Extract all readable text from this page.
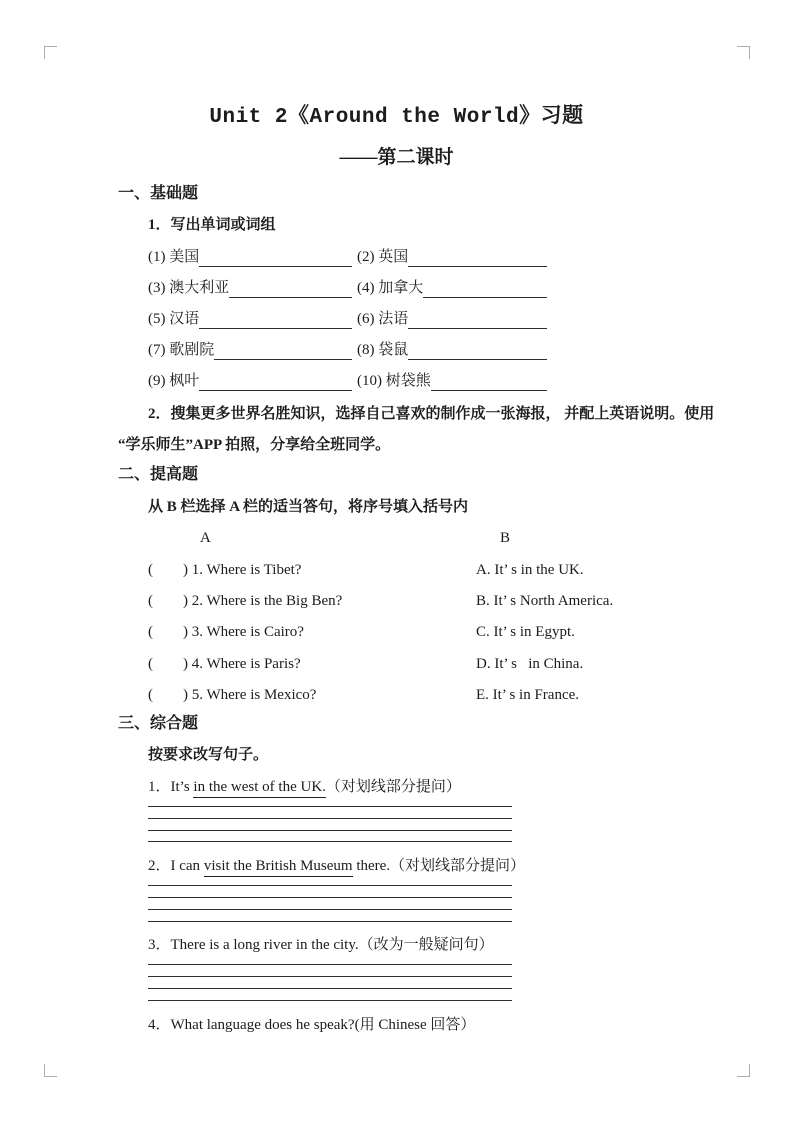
Unit 2《Around the World》习题
——第二课时
一、基础题
1．写出单词或词组
(1) 美国	(2) 英国
(3) 澳大利亚	(4) 加拿大
(5) 汉语	(6) 法语
(7) 歌剧院	(8) 袋鼠
(9) 枫叶	(10) 树袋熊
2．搜集更多世界名胜知识，选择自己喜欢的制作成一张海报， 并配上英语说明。使用
“学乐师生”APP 拍照，分享给全班同学。
二、提高题
从 B 栏选择 A 栏的适当答句，将序号填入括号内
A	B
(        ) 1. Where is Tibet?	A. It’ s in the UK.
(        ) 2. Where is the Big Ben?	B. It’ s North America.
(        ) 3. Where is Cairo?	C. It’ s in Egypt.
(        ) 4. Where is Paris?	D. It’ s   in China.
(        ) 5. Where is Mexico?	E. It’ s in France.
三、综合题
按要求改写句子。
1．It’s in the west of the UK.（对划线部分提问）
2．I can visit the British Museum there.（对划线部分提问）
3．There is a long river in the city.（改为一般疑问句）
4．What language does he speak?(用 Chinese 回答）
